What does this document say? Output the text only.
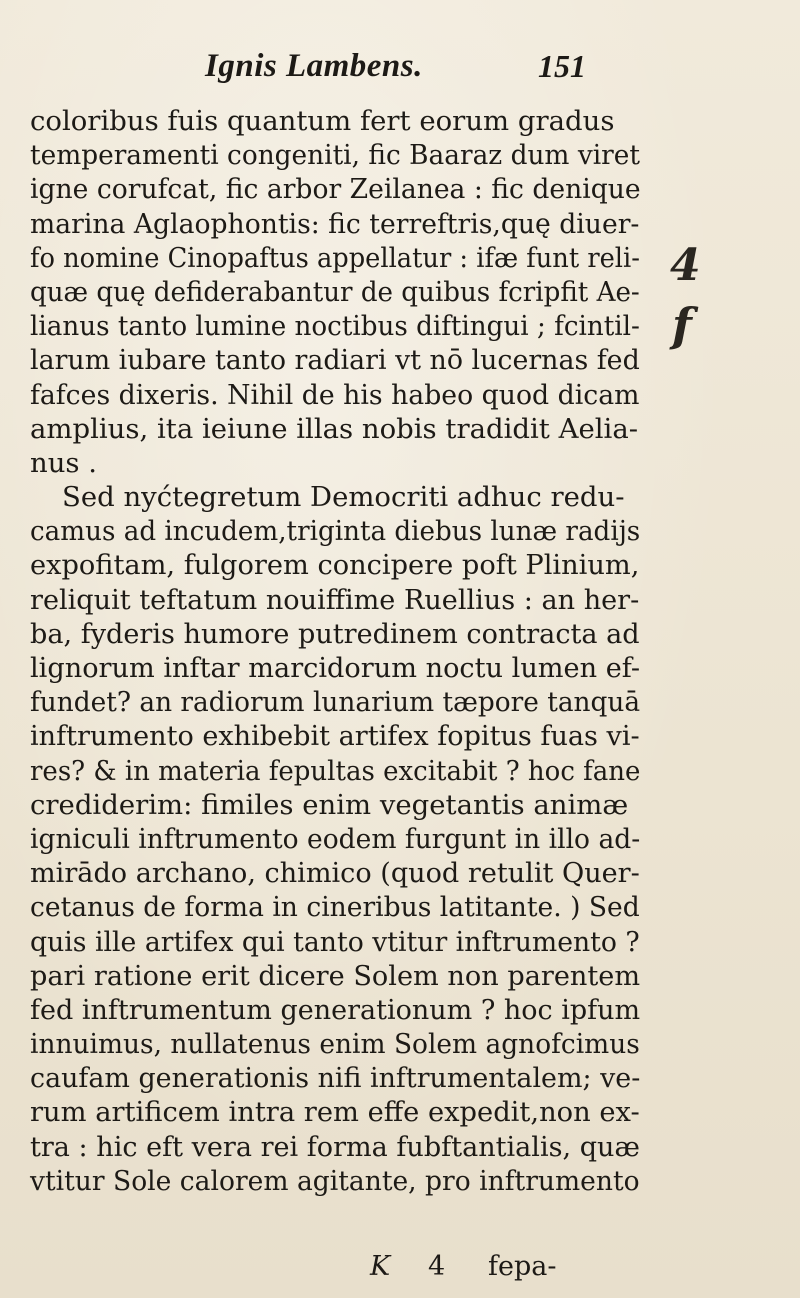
Ignis Lambens.	151
coloribus fuis quantum fert eorum gradus
temperamenti congeniti, fic Baaraz dum viret
igne corufcat, fic arbor Zeilanea : fic denique
marina Aglaophontis: fic terreftris,quę diuer-
fo nomine Cinopaftus appellatur : ifæ funt reli-
quæ quę defiderabantur de quibus fcripfit Ae-
lianus tanto lumine noctibus diftingui ; fcintil-
larum iubare tanto radiari vt nō lucernas fed
fafces dixeris. Nihil de his habeo quod dicam
amplius, ita ieiune illas nobis tradidit Aelia-
nus .
Sed nyćtegretum Democriti adhuc redu-
camus ad incudem,triginta diebus lunæ radijs
expofitam, fulgorem concipere poft Plinium,
reliquit teftatum nouiffime Ruellius : an her-
ba, fyderis humore putredinem contracta ad
lignorum inftar marcidorum noctu lumen ef-
fundet? an radiorum lunarium tæpore tanquā
inftrumento exhibebit artifex fopitus fuas vi-
res? & in materia fepultas excitabit ? hoc fane
crediderim: fimiles enim vegetantis animæ
igniculi inftrumento eodem furgunt in illo ad-
mirādo archano, chimico (quod retulit Quer-
cetanus de forma in cineribus latitante. ) Sed
quis ille artifex qui tanto vtitur inftrumento ?
pari ratione erit dicere Solem non parentem
fed inftrumentum generationum ? hoc ipfum
innuimus, nullatenus enim Solem agnofcimus
caufam generationis nifi inftrumentalem; ve-
rum artificem intra rem effe expedit,non ex-
tra : hic eft vera rei forma fubftantialis, quæ
vtitur Sole calorem agitante, pro inftrumento
K 4 fepa-
4
f
